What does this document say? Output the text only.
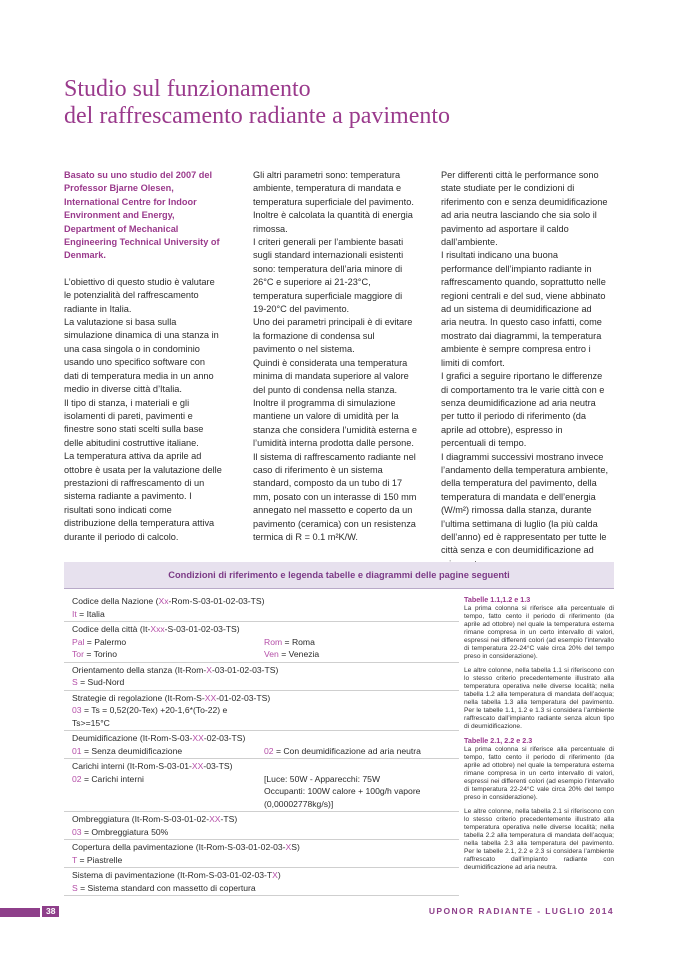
Studio sul funzionamento
del raffrescamento radiante a pavimento

Basato su uno studio del 2007 del Professor Bjarne Olesen, International Centre for Indoor Environment and Energy, Department of Mechanical Engineering Technical University of Denmark.

L’obiettivo di questo studio è valutare le potenzialità del raffrescamento radiante in Italia.

La valutazione si basa sulla simulazione dinamica di una stanza in una casa singola o in condominio usando uno specifico software con dati di temperatura media in un anno medio in diverse città d’Italia.

Il tipo di stanza, i materiali e gli isolamenti di pareti, pavimenti e finestre sono stati scelti sulla base delle abitudini costruttive italiane.

La temperatura attiva da aprile ad ottobre è usata per la valutazione delle prestazioni di raffrescamento di un sistema radiante a pavimento. I risultati sono indicati come distribuzione della temperatura attiva durante il periodo di calcolo.

Gli altri parametri sono: temperatura ambiente, temperatura di mandata e temperatura superficiale del pavimento. Inoltre è calcolata la quantità di energia rimossa.

I criteri generali per l’ambiente basati sugli standard internazionali esistenti sono: temperatura dell’aria minore di 26°C e superiore ai 21-23°C, temperatura superficiale maggiore di 19-20°C del pavimento.

Uno dei parametri principali è di evitare la formazione di condensa sul pavimento o nel sistema.

Quindi è considerata una temperatura minima di mandata superiore al valore del punto di condensa nella stanza. Inoltre il programma di simulazione mantiene un valore di umidità per la stanza che considera l’umidità esterna e l’umidità interna prodotta dalle persone. Il sistema di raffrescamento radiante nel caso di riferimento è un sistema standard, composto da un tubo di 17 mm, posato con un interasse di 150 mm annegato nel massetto e coperto da un pavimento (ceramica) con un resistenza termica di R = 0.1 m²K/W.

Per differenti città le performance sono state studiate per le condizioni di riferimento con e senza deumidificazione ad aria neutra lasciando che sia solo il pavimento ad asportare il caldo dall’ambiente.

I risultati indicano una buona performance dell’impianto radiante in raffrescamento quando, soprattutto nelle regioni centrali e del sud, viene abbinato ad un sistema di deumidificazione ad aria neutra. In questo caso infatti, come mostrato dai diagrammi, la temperatura ambiente è sempre compresa entro i limiti di comfort.

I grafici a seguire riportano le differenze di comportamento tra le varie città con e senza deumidificazione ad aria neutra per tutto il periodo di riferimento (da aprile ad ottobre), espresso in percentuali di tempo.

I diagrammi successivi mostrano invece l’andamento della temperatura ambiente, della temperatura del pavimento, della temperatura di mandata e dell’energia (W/m²) rimossa dalla stanza, durante l’ultima settimana di luglio (la più calda dell’anno) ed è rappresentato per tutte le città senza e con deumidificazione ad

Condizioni di riferimento e legenda tabelle e diagrammi delle pagine seguenti
Codice della Nazione (Xx-Rom-S-03-01-02-03-TS)
It = Italia
Codice della città (It-Xxx-S-03-01-02-03-TS)
Pal = Palermo	Rom = Roma
Tor = Torino	Ven = Venezia
Orientamento della stanza (It-Rom-X-03-01-02-03-TS)
S = Sud-Nord
Strategie di regolazione (It-Rom-S-XX-01-02-03-TS)
03 = Ts = 0,52(20-Tex) +20-1,6*(To-22) e Ts>=15°C
Deumidificazione (It-Rom-S-03-XX-02-03-TS)
01 = Senza deumidificazione	02 = Con deumidificazione ad aria neutra
Carichi interni (It-Rom-S-03-01-XX-03-TS)
02 = Carichi interni	[Luce: 50W - Apparecchi: 75W
Occupanti: 100W calore + 100g/h vapore
(0,00002778kg/s)]
Ombreggiatura (It-Rom-S-03-01-02-XX-TS)
03 = Ombreggiatura 50%
Copertura della pavimentazione (It-Rom-S-03-01-02-03-XS)
T = Piastrelle
Sistema di pavimentazione (It-Rom-S-03-01-02-03-TX)
S = Sistema standard con massetto di copertura
Tabelle 1.1,1.2 e 1.3

La prima colonna si riferisce alla percentuale di tempo, fatto cento il periodo di riferimento (da aprile ad ottobre) nel quale la temperatura esterna rimane compresa in un certo intervallo di valori, espressi nei differenti colori (ad esempio l’intervallo di temperatura 22-24°C vale circa 20% del tempo preso in considerazione).

Le altre colonne, nella tabella 1.1 si riferiscono con lo stesso criterio precedentemente illustrato alla temperatura operativa nelle diverse località; nella tabella 1.2 alla temperatura di mandata dell’acqua; nella tabella 1.3 alla temperatura del pavimento. Per le tabelle 1.1, 1.2 e 1.3 si considera l’ambiente raffrescato dall’impianto radiante senza alcun tipo di deumidificazione.

Tabelle 2.1, 2.2 e 2.3

La prima colonna si riferisce alla percentuale di tempo, fatto cento il periodo di riferimento (da aprile ad ottobre) nel quale la temperatura esterna rimane compresa in un certo intervallo di valori, espressi nei differenti colori (ad esempio l’intervallo di temperatura 22-24°C vale circa 20% del tempo preso in considerazione).

Le altre colonne, nella tabella 2.1 si riferiscono con lo stesso criterio precedentemente illustrato alla temperatura operativa nelle diverse località; nella tabella 2.2 alla temperatura di mandata dell’acqua; nella tabella 2.3 alla temperatura del pavimento. Per le tabelle 2.1, 2.2 e 2.3 si considera l’ambiente raffrescato dall’impianto radiante con deumidificazione ad aria neutra.

38	UPONOR RADIANTE - LUGLIO 2014
